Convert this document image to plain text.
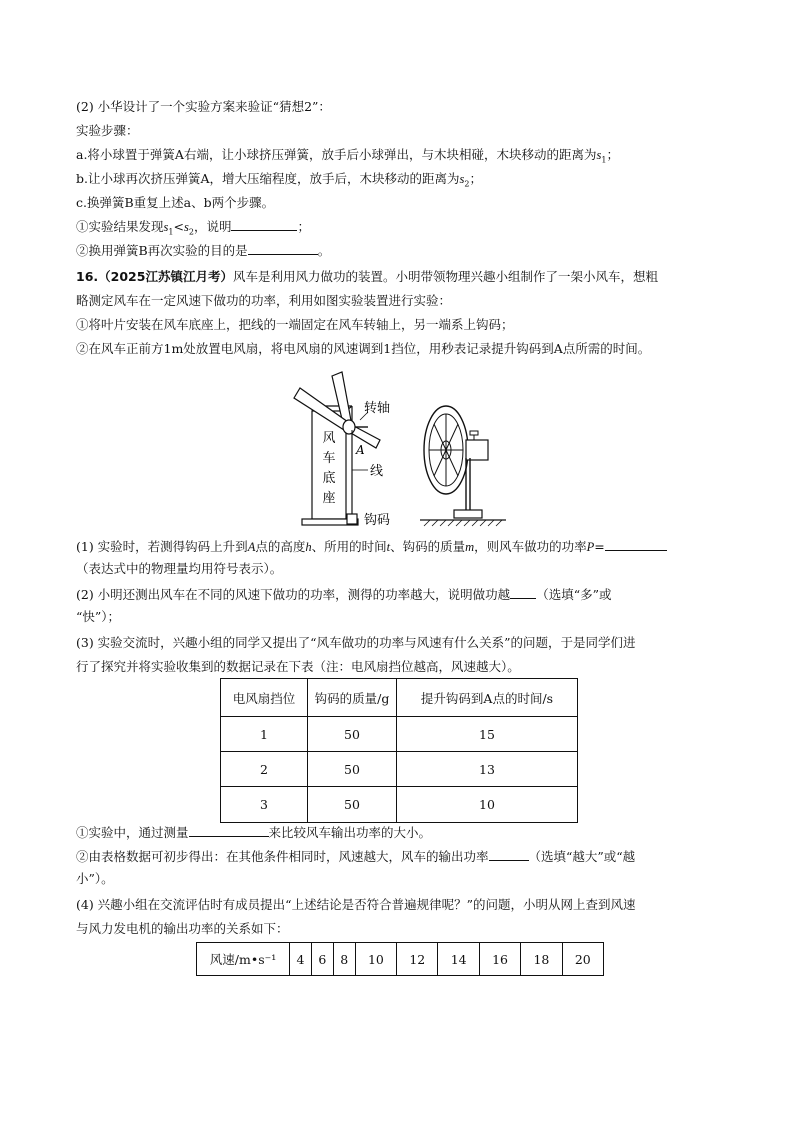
(2) 小华设计了一个实验方案来验证“猜想2”：
实验步骤：
a.将小球置于弹簧A右端，让小球挤压弹簧，放手后小球弹出，与木块相碰，木块移动的距离为$s_1$；
b.让小球再次挤压弹簧A，增大压缩程度，放手后，木块移动的距离为$s_2$；
c.换弹簧B重复上述a、b两个步骤。
①实验结果发现$s_1<s_2$，说明	；
②换用弹簧B再次实验的目的是	。
16.（2025江苏镇江月考）风车是利用风力做功的装置。小明带领物理兴趣小组制作了一架小风车，想粗
略测定风车在一定风速下做功的功率，利用如图实验装置进行实验：
①将叶片安装在风车底座上，把线的一端固定在风车转轴上，另一端系上钩码；
②在风车正前方1m处放置电风扇，将电风扇的风速调到1挡位，用秒表记录提升钩码到A点所需的时间。
风
车
底
座
转轴
A
线
钩码
(1) 实验时，若测得钩码上升到A点的高度h、所用的时间t、钩码的质量m，则风车做功的功率P=
（表达式中的物理量均用符号表示）。
(2) 小明还测出风车在不同的风速下做功的功率，测得的功率越大，说明做功越 （选填“多”或
“快”）；
(3) 实验交流时，兴趣小组的同学又提出了“风车做功的功率与风速有什么关系”的问题，于是同学们进
行了探究并将实验收集到的数据记录在下表（注：电风扇挡位越高，风速越大）。
电风扇挡位	钩码的质量/g	提升钩码到A点的时间/s
1	50	15
2	50	13
3	50	10
①实验中，通过测量	来比较风车输出功率的大小。
②由表格数据可初步得出：在其他条件相同时，风速越大，风车的输出功率	（选填“越大”或“越
小”）。
(4) 兴趣小组在交流评估时有成员提出“上述结论是否符合普遍规律呢？”的问题，小明从网上查到风速
与风力发电机的输出功率的关系如下：
风速/m•s⁻¹	4	6	8	10	12	14	16	18	20
